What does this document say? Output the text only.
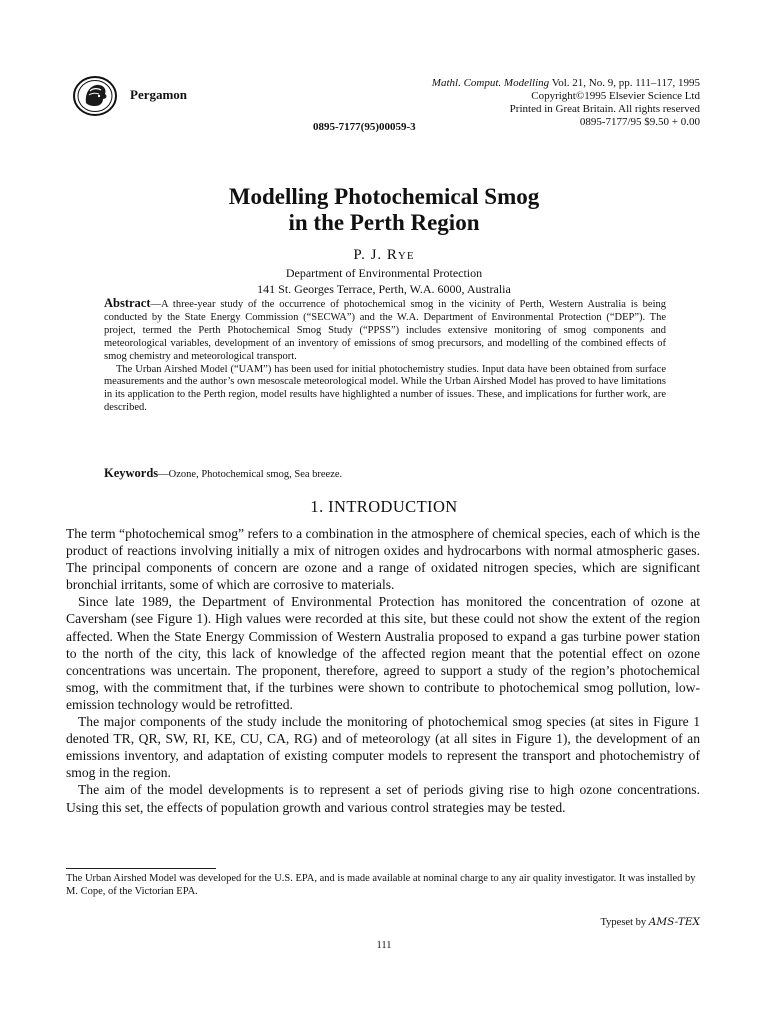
Pergamon
Mathl. Comput. Modelling Vol. 21, No. 9, pp. 111–117, 1995
Copyright©1995 Elsevier Science Ltd
Printed in Great Britain. All rights reserved
0895-7177/95 $9.50 + 0.00
0895-7177(95)00059-3
Modelling Photochemical Smog
in the Perth Region
P. J. Rye
Department of Environmental Protection
141 St. Georges Terrace, Perth, W.A. 6000, Australia

Abstract—A three-year study of the occurrence of photochemical smog in the vicinity of Perth, Western Australia is being conducted by the State Energy Commission (“SECWA”) and the W.A. Department of Environmental Protection (“DEP”). The project, termed the Perth Photochemical Smog Study (“PPSS”) includes extensive monitoring of smog components and meteorological variables, development of an inventory of emissions of smog precursors, and modelling of the combined effects of smog chemistry and meteorological transport.

The Urban Airshed Model (“UAM”) has been used for initial photochemistry studies. Input data have been obtained from surface measurements and the author’s own mesoscale meteorological model. While the Urban Airshed Model has proved to have limitations in its application to the Perth region, model results have highlighted a number of issues. These, and implications for further work, are described.

Keywords—Ozone, Photochemical smog, Sea breeze.
1. INTRODUCTION

The term “photochemical smog” refers to a combination in the atmosphere of chemical species, each of which is the product of reactions involving initially a mix of nitrogen oxides and hydrocarbons with normal atmospheric gases. The principal components of concern are ozone and a range of oxidated nitrogen species, which are significant bronchial irritants, some of which are corrosive to materials.

Since late 1989, the Department of Environmental Protection has monitored the concentration of ozone at Caversham (see Figure 1). High values were recorded at this site, but these could not show the extent of the region affected. When the State Energy Commission of Western Australia proposed to expand a gas turbine power station to the north of the city, this lack of knowledge of the affected region meant that the potential effect on ozone concentrations was uncertain. The proponent, therefore, agreed to support a study of the region’s photochemical smog, with the commitment that, if the turbines were shown to contribute to photochemical smog pollution, low-emission technology would be retrofitted.

The major components of the study include the monitoring of photochemical smog species (at sites in Figure 1 denoted TR, QR, SW, RI, KE, CU, CA, RG) and of meteorology (at all sites in Figure 1), the development of an emissions inventory, and adaptation of existing computer models to represent the transport and photochemistry of smog in the region.

The aim of the model developments is to represent a set of periods giving rise to high ozone concentrations. Using this set, the effects of population growth and various control strategies may be tested.

The Urban Airshed Model was developed for the U.S. EPA, and is made available at nominal charge to any air quality investigator. It was installed by M. Cope, of the Victorian EPA.
Typeset by AMS-TEX
111
